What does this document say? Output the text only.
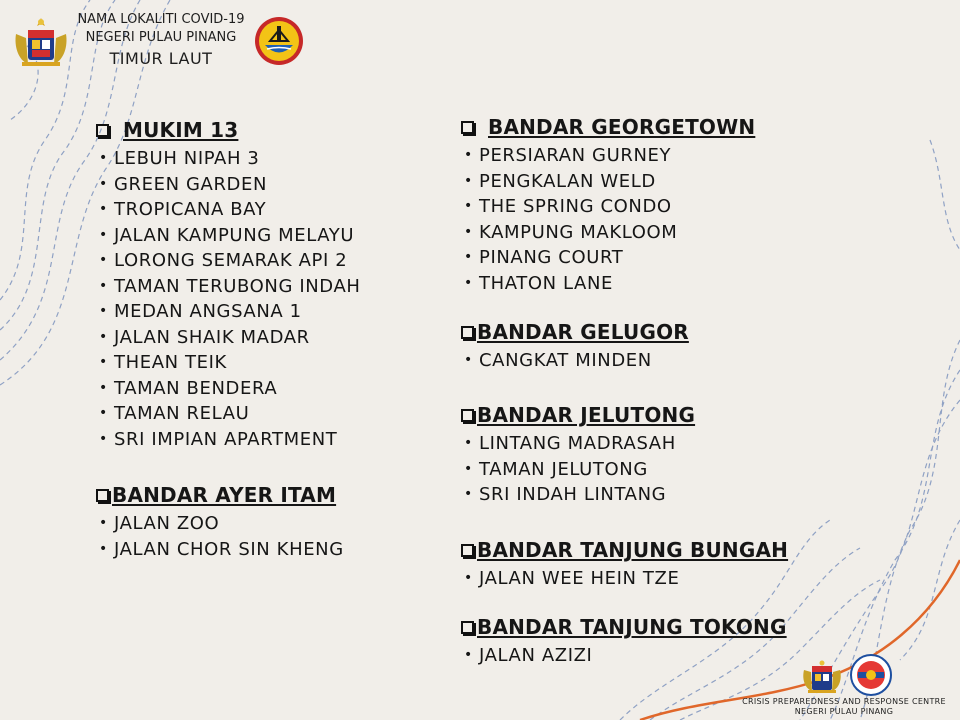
NAMA LOKALITI COVID-19
NEGERI PULAU PINANG
TIMUR LAUT
MUKIM 13
• LEBUH NIPAH 3
• GREEN GARDEN
• TROPICANA BAY
• JALAN KAMPUNG MELAYU
• LORONG SEMARAK API 2
• TAMAN TERUBONG INDAH
• MEDAN ANGSANA 1
• JALAN SHAIK MADAR
• THEAN TEIK
• TAMAN BENDERA
• TAMAN RELAU
• SRI IMPIAN APARTMENT
BANDAR AYER ITAM
• JALAN ZOO
• JALAN CHOR SIN KHENG
BANDAR GEORGETOWN
• PERSIARAN GURNEY
• PENGKALAN WELD
• THE SPRING CONDO
• KAMPUNG MAKLOOM
• PINANG COURT
• THATON LANE
BANDAR GELUGOR
• CANGKAT MINDEN
BANDAR JELUTONG
• LINTANG MADRASAH
• TAMAN JELUTONG
• SRI INDAH LINTANG
BANDAR TANJUNG BUNGAH
• JALAN WEE HEIN TZE
BANDAR TANJUNG TOKONG
• JALAN AZIZI
CRISIS PREPAREDNESS AND RESPONSE CENTRE
NEGERI PULAU PINANG
